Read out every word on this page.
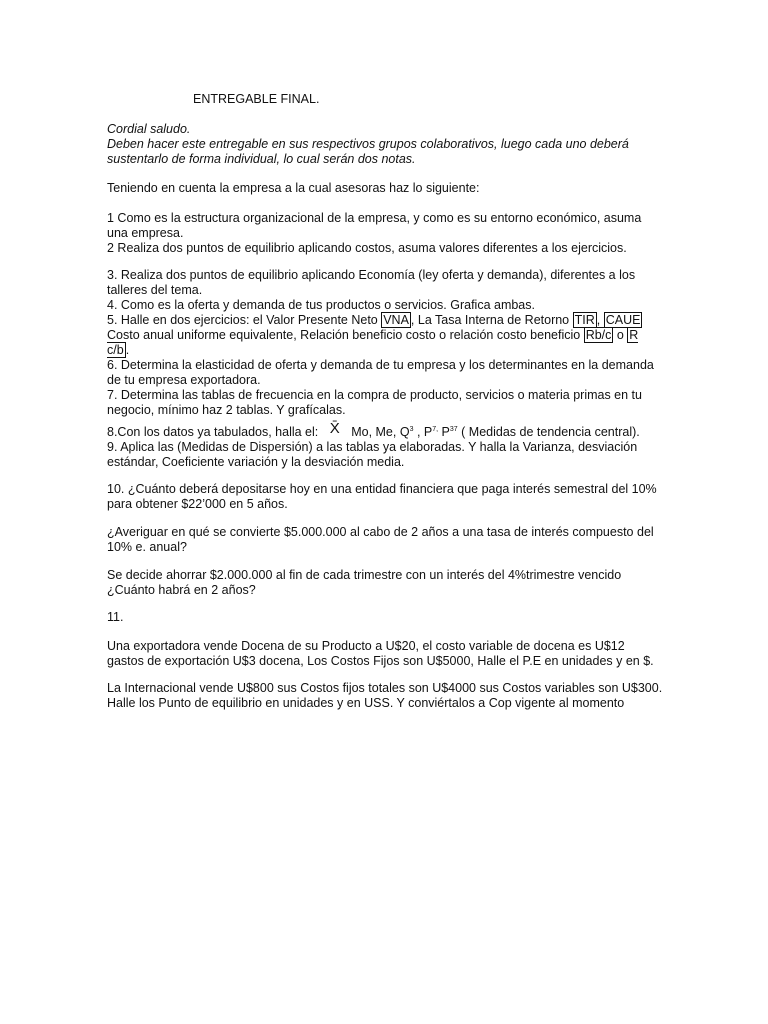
ENTREGABLE FINAL.

Cordial saludo.

Deben hacer este entregable en sus respectivos grupos colaborativos, luego cada uno deberá sustentarlo de forma individual, lo cual serán dos notas.

Teniendo en cuenta la empresa a la cual asesoras haz lo siguiente:

1 Como es la estructura organizacional de la empresa, y como es su entorno económico, asuma una empresa.

2 Realiza dos puntos de equilibrio aplicando costos, asuma valores diferentes a los ejercicios.

3. Realiza dos puntos de equilibrio aplicando Economía (ley oferta y demanda), diferentes a los talleres del tema.

4. Como es la oferta y demanda de tus productos o servicios. Grafica ambas.

5. Halle en dos ejercicios: el Valor Presente Neto VNA , La Tasa Interna de Retorno TIR , CAUE Costo anual uniforme equivalente, Relación beneficio costo o relación costo beneficio Rb/c o R c/b .

6. Determina la elasticidad de oferta y demanda de tu empresa y los determinantes en la demanda de tu empresa exportadora.

7. Determina las tablas de frecuencia en la compra de producto, servicios o materia primas en tu negocio, mínimo haz 2 tablas. Y grafícalas.

8.Con los datos ya tabulados, halla el: X̄ Mo, Me, $Q^3$ , $P^{7,}$ $P^{37}$ ( Medidas de tendencia central).

9. Aplica las (Medidas de Dispersión) a las tablas ya elaboradas. Y halla la Varianza, desviación estándar, Coeficiente variación y la desviación media.

10. ¿Cuánto deberá depositarse hoy en una entidad financiera que paga interés semestral del 10% para obtener $22’000 en 5 años.

¿Averiguar en qué se convierte $5.000.000 al cabo de 2 años a una tasa de interés compuesto del 10% e. anual?

Se decide ahorrar $2.000.000 al fin de cada trimestre con un interés del 4%trimestre vencido ¿Cuánto habrá en 2 años?

11.

Una exportadora vende Docena de su Producto a U$20, el costo variable de docena es U$12 gastos de exportación U$3 docena, Los Costos Fijos son U$5000, Halle el P.E en unidades y en $.

La Internacional vende U$800 sus Costos fijos totales son U$4000 sus Costos variables son U$300. Halle los Punto de equilibrio en unidades y en USS. Y conviértalos a Cop vigente al momento
